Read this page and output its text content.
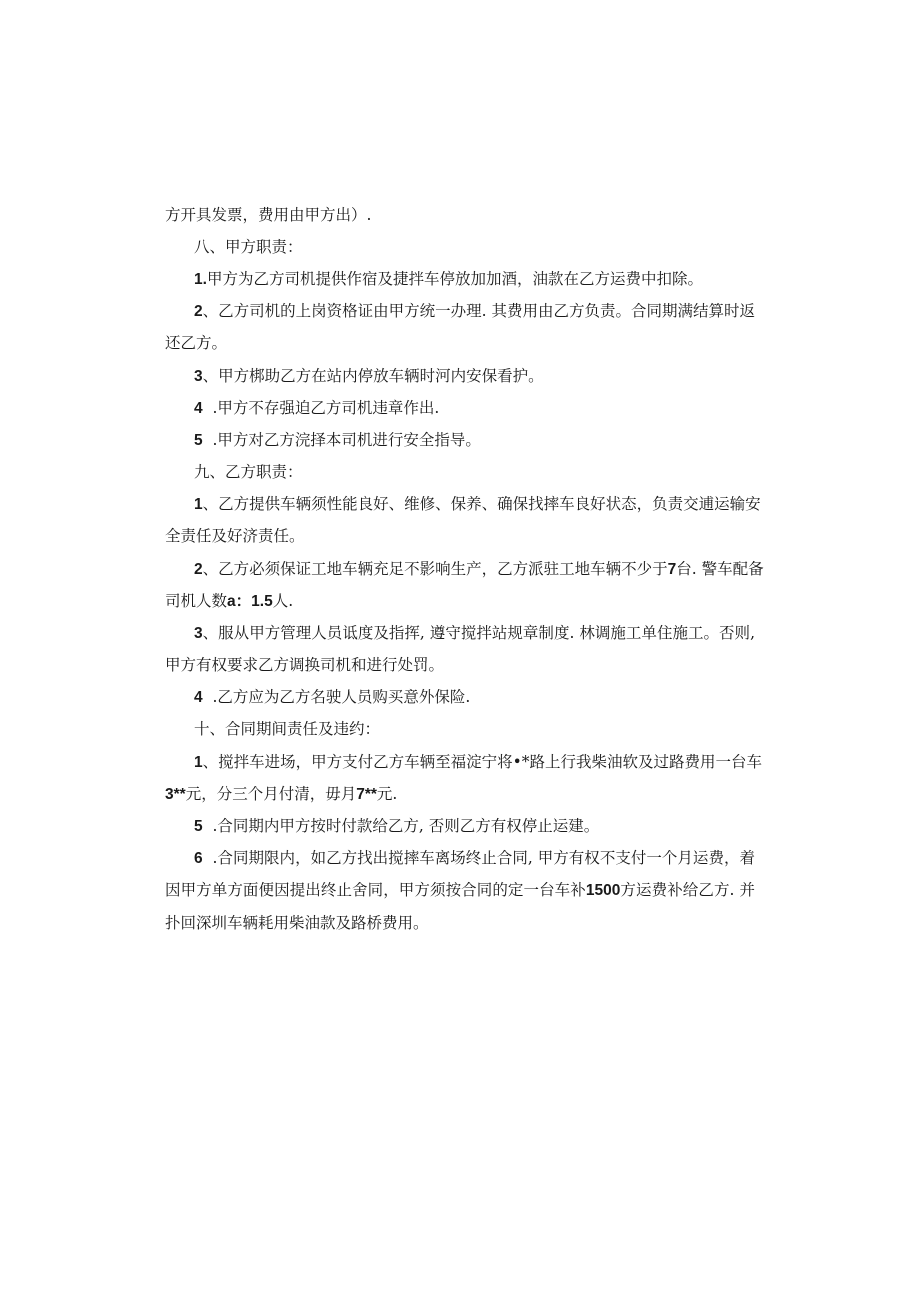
方开具发票，费用由甲方出）.
八、甲方职责：
1.甲方为乙方司机提供作宿及捷拌车停放加加酒，油款在乙方运费中扣除。
2、乙方司机的上岗资格证由甲方统一办理. 其费用由乙方负责。合同期满结算时返
还乙方。
3、甲方梆助乙方在站内停放车辆时河内安保看护。
4  .甲方不存强迫乙方司机违章作出.
5  .甲方对乙方浣择本司机进行安全指导。
九、乙方职责：
1、乙方提供车辆须性能良好、维修、保养、确保找摔车良好状态，负责交逋运输安
全责任及好济责任。
2、乙方必须保证工地车辆充足不影响生产，乙方派驻工地车辆不少于7台. 警车配备
司机人数a：1.5人.
3、服从甲方管理人员诋度及指挥, 遵守搅拌站规章制度. 林调施工单住施工。否则,
甲方有权要求乙方调换司机和进行处罚。
4  .乙方应为乙方名驶人员购买意外保险.
十、合同期间责任及违约：
1、搅拌车进场，甲方支付乙方车辆至福淀宁将•*路上行我柴油软及过路费用一台车
3**元，分三个月付清，毋月7**元.
5  .合同期内甲方按时付款给乙方, 否则乙方有权停止运建。
6  .合同期限内，如乙方找出搅摔车离场终止合同, 甲方有权不支付一个月运费，着
因甲方单方面便因提出终止舍同，甲方须按合同的定一台车补1500方运费补给乙方. 并
扑回深圳车辆耗用柴油款及路桥费用。
